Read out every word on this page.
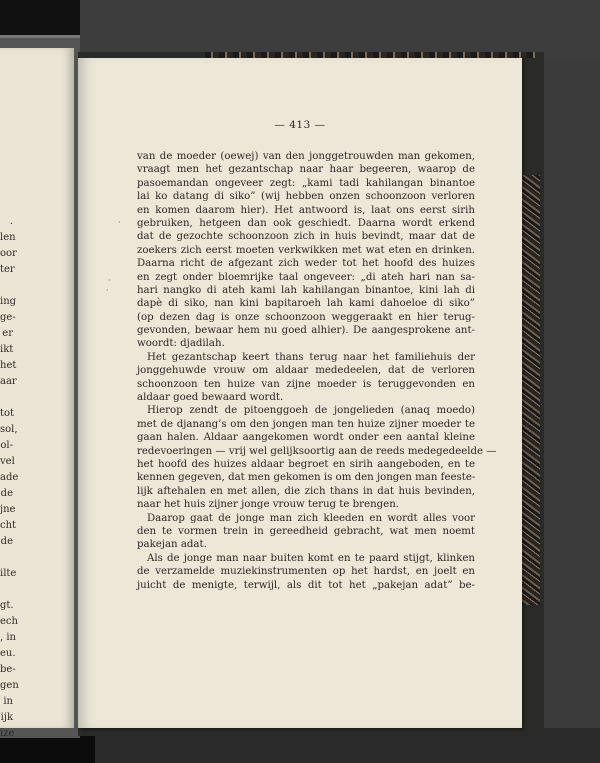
.
len
oor
ter
ing
ge-
er
ikt
het
aar
tot
sol,
ol-
vel
ade
de
jne
cht
de
ilte
gt.
ech
, in
eu.
be-
gen
in
ijk
ize
— 413 —
van de moeder (oewej) van den jonggetrouwden man gekomen,
vraagt men het gezantschap naar haar begeeren, waarop de
pasoemandan ongeveer zegt: „kami tadi kahilangan binantoe
lai ko datang di siko” (wij hebben onzen schoonzoon verloren
en komen daarom hier). Het antwoord is, laat ons eerst sirih
gebruiken, hetgeen dan ook geschiedt. Daarna wordt erkend
dat de gezochte schoonzoon zich in huis bevindt, maar dat de
zoekers zich eerst moeten verkwikken met wat eten en drinken.
Daarna richt de afgezant zich weder tot het hoofd des huizes
en zegt onder bloemrijke taal ongeveer: „di ateh hari nan sa-
hari nangko di ateh kami lah kahilangan binantoe, kini lah di
dapè di siko, nan kini bapitaroeh lah kami dahoeloe di siko”
(op dezen dag is onze schoonzoon weggeraakt en hier terug-
gevonden, bewaar hem nu goed alhier). De aangesprokene ant-
woordt: djadilah.
Het gezantschap keert thans terug naar het familiehuis der
jonggehuwde vrouw om aldaar mededeelen, dat de verloren
schoonzoon ten huize van zijne moeder is teruggevonden en
aldaar goed bewaard wordt.
Hierop zendt de pitoenggoeh de jongelieden (anaq moedo)
met de djanang’s om den jongen man ten huize zijner moeder te
gaan halen. Aldaar aangekomen wordt onder een aantal kleine
redevoeringen — vrij wel gelijksoortig aan de reeds medegedeelde —
het hoofd des huizes aldaar begroet en sirih aangeboden, en te
kennen gegeven, dat men gekomen is om den jongen man feeste-
lijk aftehalen en met allen, die zich thans in dat huis bevinden,
naar het huis zijner jonge vrouw terug te brengen.
Daarop gaat de jonge man zich kleeden en wordt alles voor
den te vormen trein in gereedheid gebracht, wat men noemt
pakejan adat.
Als de jonge man naar buiten komt en te paard stijgt, klinken
de verzamelde muziekinstrumenten op het hardst, en joelt en
juicht de menigte, terwijl, als dit tot het „pakejan adat” be-
·
·
·
